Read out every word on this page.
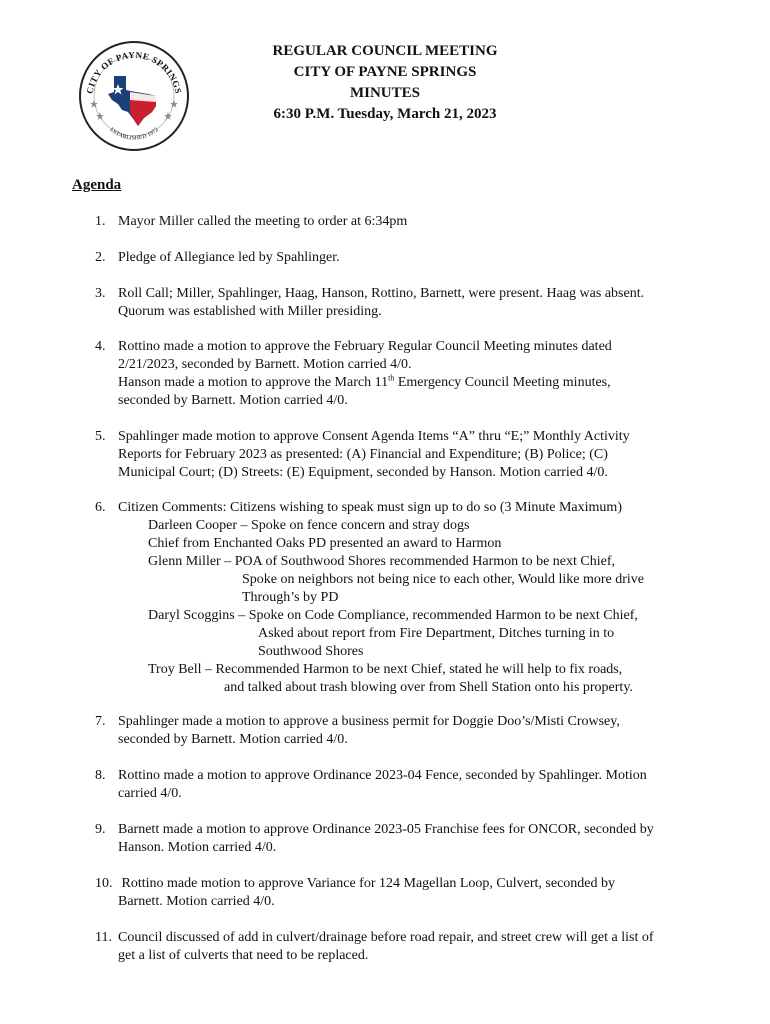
CITY OF PAYNE SPRINGS
ESTABLISHED 1972
REGULAR COUNCIL MEETING
CITY OF PAYNE SPRINGS
MINUTES
6:30 P.M. Tuesday, March 21, 2023
Agenda
1. Mayor Miller called the meeting to order at 6:34pm
2. Pledge of Allegiance led by Spahlinger.
3. Roll Call; Miller, Spahlinger, Haag, Hanson, Rottino, Barnett, were present. Haag was absent.
Quorum was established with Miller presiding.
4. Rottino made a motion to approve the February Regular Council Meeting minutes dated
2/21/2023, seconded by Barnett. Motion carried 4/0.
Hanson made a motion to approve the March 11th Emergency Council Meeting minutes,
seconded by Barnett. Motion carried 4/0.
5. Spahlinger made motion to approve Consent Agenda Items “A” thru “E;” Monthly Activity
Reports for February 2023 as presented: (A) Financial and Expenditure; (B) Police; (C)
Municipal Court; (D) Streets: (E) Equipment, seconded by Hanson. Motion carried 4/0.
6. Citizen Comments: Citizens wishing to speak must sign up to do so (3 Minute Maximum)
Darleen Cooper – Spoke on fence concern and stray dogs
Chief from Enchanted Oaks PD presented an award to Harmon
Glenn Miller – POA of Southwood Shores recommended Harmon to be next Chief,
Spoke on neighbors not being nice to each other, Would like more drive
Through’s by PD
Daryl Scoggins – Spoke on Code Compliance, recommended Harmon to be next Chief,
Asked about report from Fire Department, Ditches turning in to
Southwood Shores
Troy Bell – Recommended Harmon to be next Chief, stated he will help to fix roads,
and talked about trash blowing over from Shell Station onto his property.
7. Spahlinger made a motion to approve a business permit for Doggie Doo’s/Misti Crowsey,
seconded by Barnett. Motion carried 4/0.
8. Rottino made a motion to approve Ordinance 2023-04 Fence, seconded by Spahlinger. Motion
carried 4/0.
9. Barnett made a motion to approve Ordinance 2023-05 Franchise fees for ONCOR, seconded by
Hanson. Motion carried 4/0.
10. Rottino made motion to approve Variance for 124 Magellan Loop, Culvert, seconded by
Barnett. Motion carried 4/0.
11. Council discussed of add in culvert/drainage before road repair, and street crew will get a list of
get a list of culverts that need to be replaced.
